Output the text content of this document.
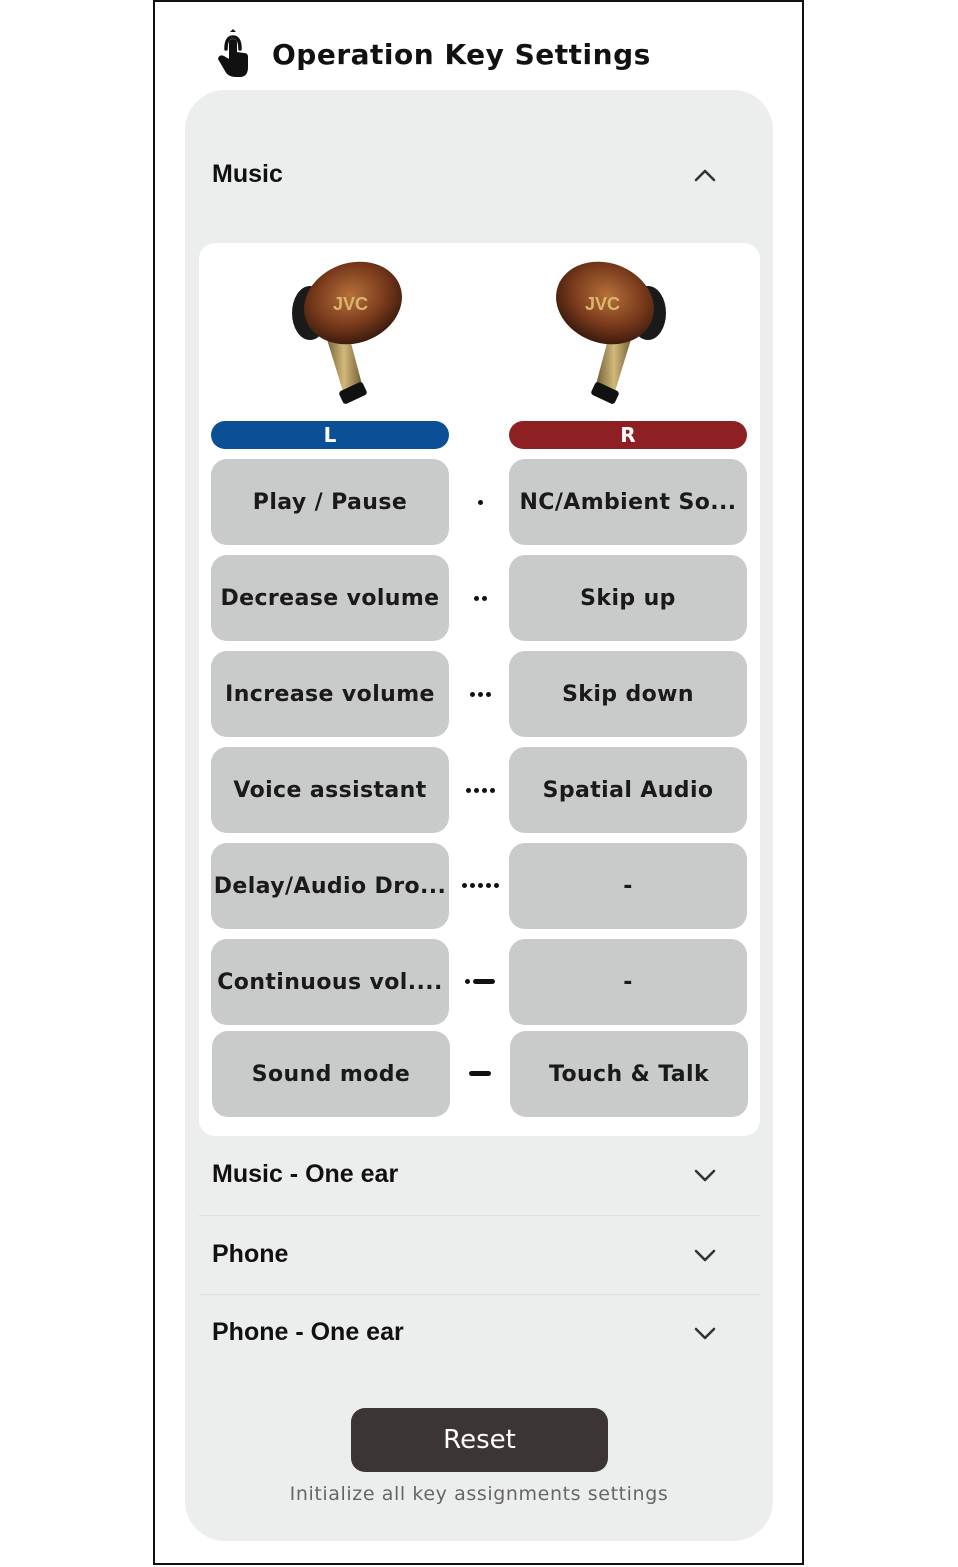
Operation Key Settings
Music
JVC	JVC
L	R
Play / Pause	NC/Ambient So...
Decrease volume	Skip up
Increase volume	Skip down
Voice assistant	Spatial Audio
Delay/Audio Dro...	-
Continuous vol....	-
Sound mode	Touch & Talk
Music - One ear
Phone
Phone - One ear
Reset
Initialize all key assignments settings
